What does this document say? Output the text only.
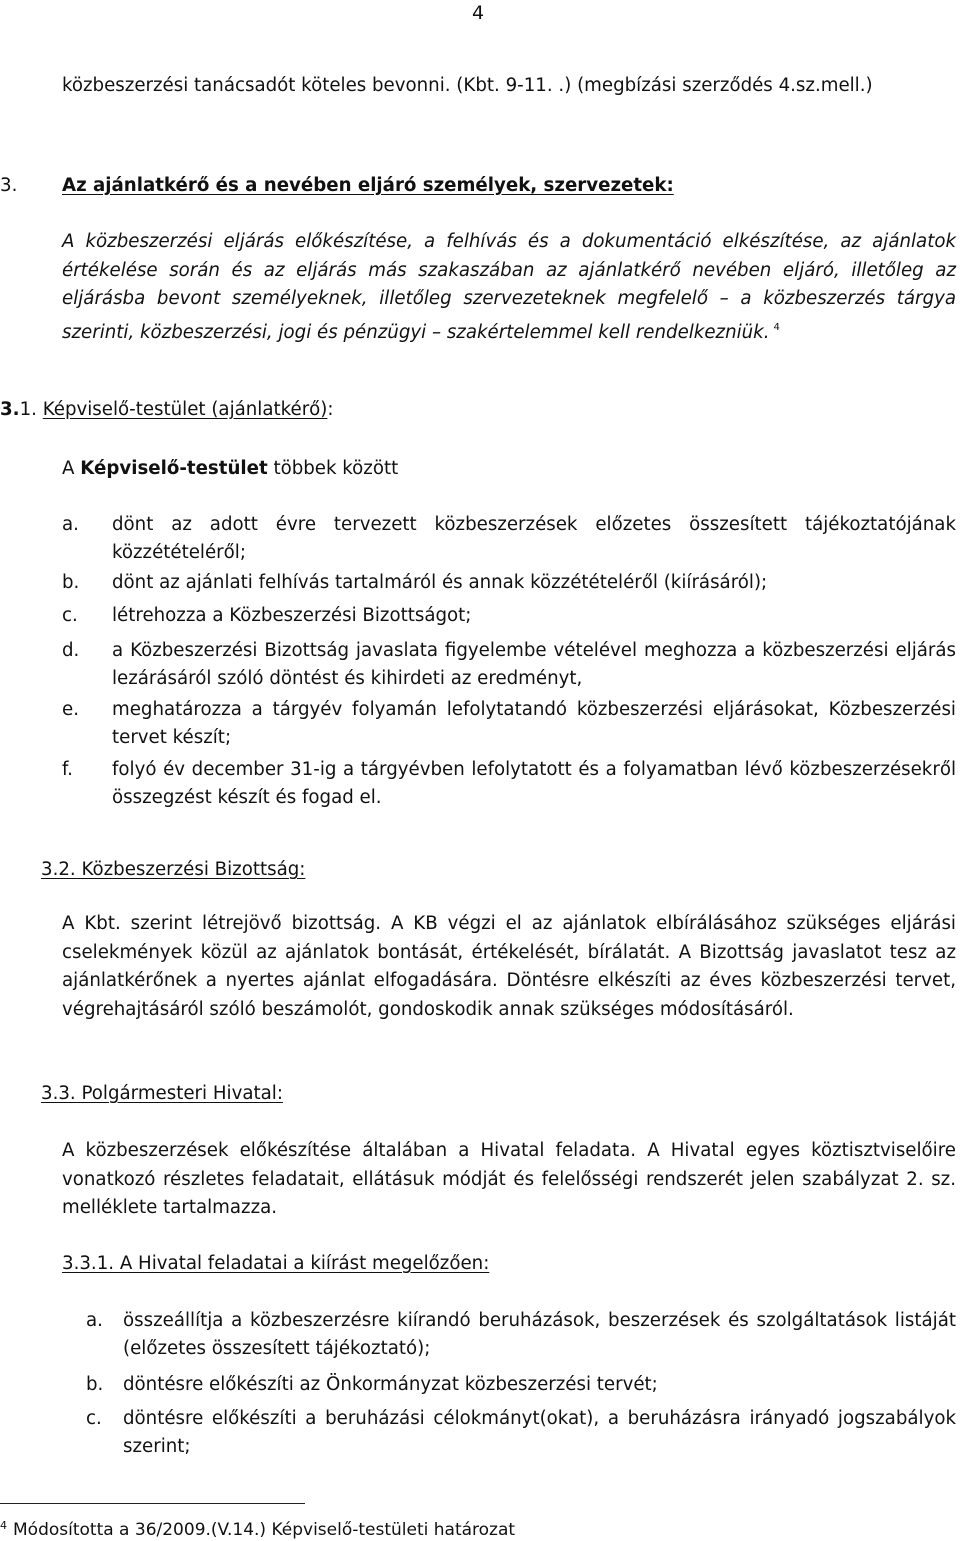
4
közbeszerzési tanácsadót köteles bevonni. (Kbt. 9-11. .) (megbízási szerződés 4.sz.mell.)
3. Az ajánlatkérő és a nevében eljáró személyek, szervezetek:
A közbeszerzési eljárás előkészítése, a felhívás és a dokumentáció elkészítése, az ajánlatok értékelése során és az eljárás más szakaszában az ajánlatkérő nevében eljáró, illetőleg az eljárásba bevont személyeknek, illetőleg szervezeteknek megfelelő – a közbeszerzés tárgya szerinti, közbeszerzési, jogi és pénzügyi – szakértelemmel kell rendelkezniük. $^4$
3.1. Képviselő-testület (ajánlatkérő):
A Képviselő-testület többek között
a. dönt az adott évre tervezett közbeszerzések előzetes összesített tájékoztatójának közzétételéről;
b. dönt az ajánlati felhívás tartalmáról és annak közzétételéről (kiírásáról);
c. létrehozza a Közbeszerzési Bizottságot;
d. a Közbeszerzési Bizottság javaslata figyelembe vételével meghozza a közbeszerzési eljárás lezárásáról szóló döntést és kihirdeti az eredményt,
e. meghatározza a tárgyév folyamán lefolytatandó közbeszerzési eljárásokat, Közbeszerzési tervet készít;
f. folyó év december 31-ig a tárgyévben lefolytatott és a folyamatban lévő közbeszerzésekről összegzést készít és fogad el.
3.2. Közbeszerzési Bizottság:
A Kbt. szerint létrejövő bizottság. A KB végzi el az ajánlatok elbírálásához szükséges eljárási cselekmények közül az ajánlatok bontását, értékelését, bírálatát. A Bizottság javaslatot tesz az ajánlatkérőnek a nyertes ajánlat elfogadására. Döntésre elkészíti az éves közbeszerzési tervet, végrehajtásáról szóló beszámolót, gondoskodik annak szükséges módosításáról.
3.3. Polgármesteri Hivatal:
A közbeszerzések előkészítése általában a Hivatal feladata. A Hivatal egyes köztisztviselőire vonatkozó részletes feladatait, ellátásuk módját és felelősségi rendszerét jelen szabályzat 2. sz. melléklete tartalmazza.
3.3.1. A Hivatal feladatai a kiírást megelőzően:
a. összeállítja a közbeszerzésre kiírandó beruházások, beszerzések és szolgáltatások listáját (előzetes összesített tájékoztató);
b. döntésre előkészíti az Önkormányzat közbeszerzési tervét;
c. döntésre előkészíti a beruházási célokmányt(okat), a beruházásra irányadó jogszabályok szerint;
$^4$ Módosította a 36/2009.(V.14.) Képviselő-testületi határozat
